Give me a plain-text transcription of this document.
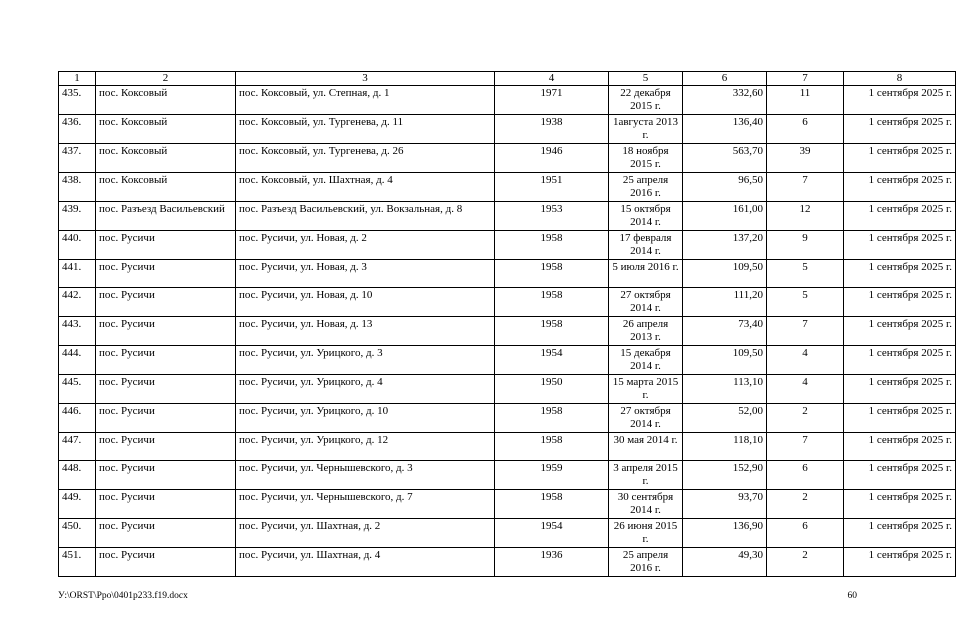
1	2	3	4	5	6	7	8
435.	пос. Коксовый	пос. Коксовый, ул. Степная, д. 1	1971	22 декабря 2015 г.	332,60	11	1 сентября 2025 г.
436.	пос. Коксовый	пос. Коксовый, ул. Тургенева, д. 11	1938	1августа 2013 г.	136,40	6	1 сентября 2025 г.
437.	пос. Коксовый	пос. Коксовый, ул. Тургенева, д. 26	1946	18 ноября 2015 г.	563,70	39	1 сентября 2025 г.
438.	пос. Коксовый	пос. Коксовый, ул. Шахтная, д. 4	1951	25 апреля 2016 г.	96,50	7	1 сентября 2025 г.
439.	пос. Разъезд Васильевский	пос. Разъезд Васильевский, ул. Вокзальная, д. 8	1953	15 октября 2014 г.	161,00	12	1 сентября 2025 г.
440.	пос. Русичи	пос. Русичи, ул. Новая, д. 2	1958	17 февраля 2014 г.	137,20	9	1 сентября 2025 г.
441.	пос. Русичи	пос. Русичи, ул. Новая, д. 3	1958	5 июля 2016 г.	109,50	5	1 сентября 2025 г.
442.	пос. Русичи	пос. Русичи, ул. Новая, д. 10	1958	27 октября 2014 г.	111,20	5	1 сентября 2025 г.
443.	пос. Русичи	пос. Русичи, ул. Новая, д. 13	1958	26 апреля 2013 г.	73,40	7	1 сентября 2025 г.
444.	пос. Русичи	пос. Русичи, ул. Урицкого, д. 3	1954	15 декабря 2014 г.	109,50	4	1 сентября 2025 г.
445.	пос. Русичи	пос. Русичи, ул. Урицкого, д. 4	1950	15 марта 2015 г.	113,10	4	1 сентября 2025 г.
446.	пос. Русичи	пос. Русичи, ул. Урицкого, д. 10	1958	27 октября 2014 г.	52,00	2	1 сентября 2025 г.
447.	пос. Русичи	пос. Русичи, ул. Урицкого, д. 12	1958	30 мая 2014 г.	118,10	7	1 сентября 2025 г.
448.	пос. Русичи	пос. Русичи, ул. Чернышевского, д. 3	1959	3 апреля 2015 г.	152,90	6	1 сентября 2025 г.
449.	пос. Русичи	пос. Русичи, ул. Чернышевского, д. 7	1958	30 сентября 2014 г.	93,70	2	1 сентября 2025 г.
450.	пос. Русичи	пос. Русичи, ул. Шахтная, д. 2	1954	26 июня 2015 г.	136,90	6	1 сентября 2025 г.
451.	пос. Русичи	пос. Русичи, ул. Шахтная, д. 4	1936	25 апреля 2016 г.	49,30	2	1 сентября 2025 г.
У:\ORST\Ppo\0401p233.f19.docx	60
